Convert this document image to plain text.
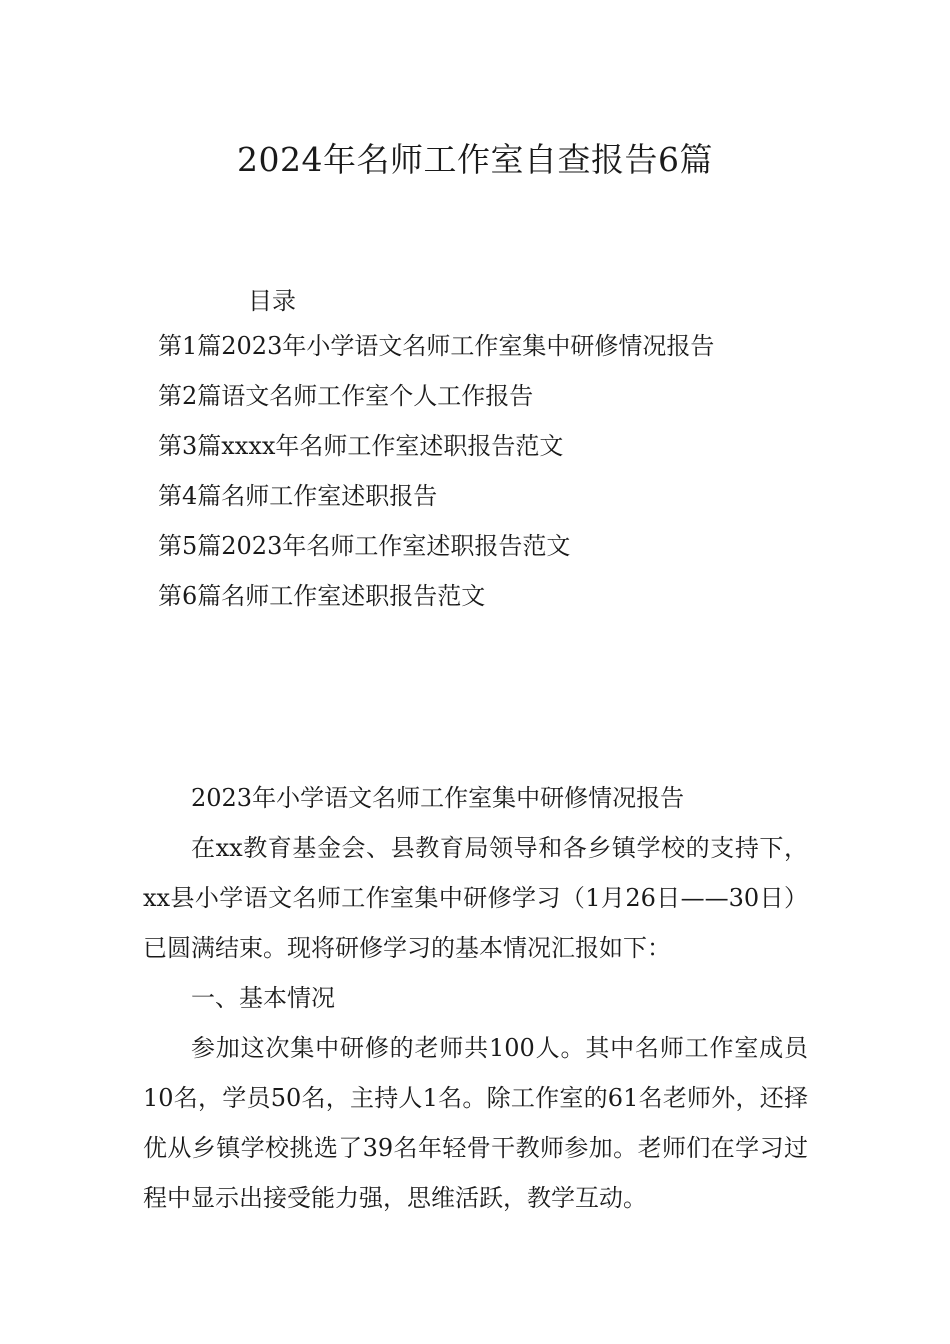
2024年名师工作室自查报告6篇
目录
第1篇2023年小学语文名师工作室集中研修情况报告
第2篇语文名师工作室个人工作报告
第3篇xxxx年名师工作室述职报告范文
第4篇名师工作室述职报告
第5篇2023年名师工作室述职报告范文
第6篇名师工作室述职报告范文

2023年小学语文名师工作室集中研修情况报告

在xx教育基金会、县教育局领导和各乡镇学校的支持下，xx县小学语文名师工作室集中研修学习（1月26日——30日）已圆满结束。现将研修学习的基本情况汇报如下：

一、基本情况

参加这次集中研修的老师共100人。其中名师工作室成员10名，学员50名，主持人1名。除工作室的61名老师外，还择优从乡镇学校挑选了39名年轻骨干教师参加。老师们在学习过程中显示出接受能力强，思维活跃，教学互动。
